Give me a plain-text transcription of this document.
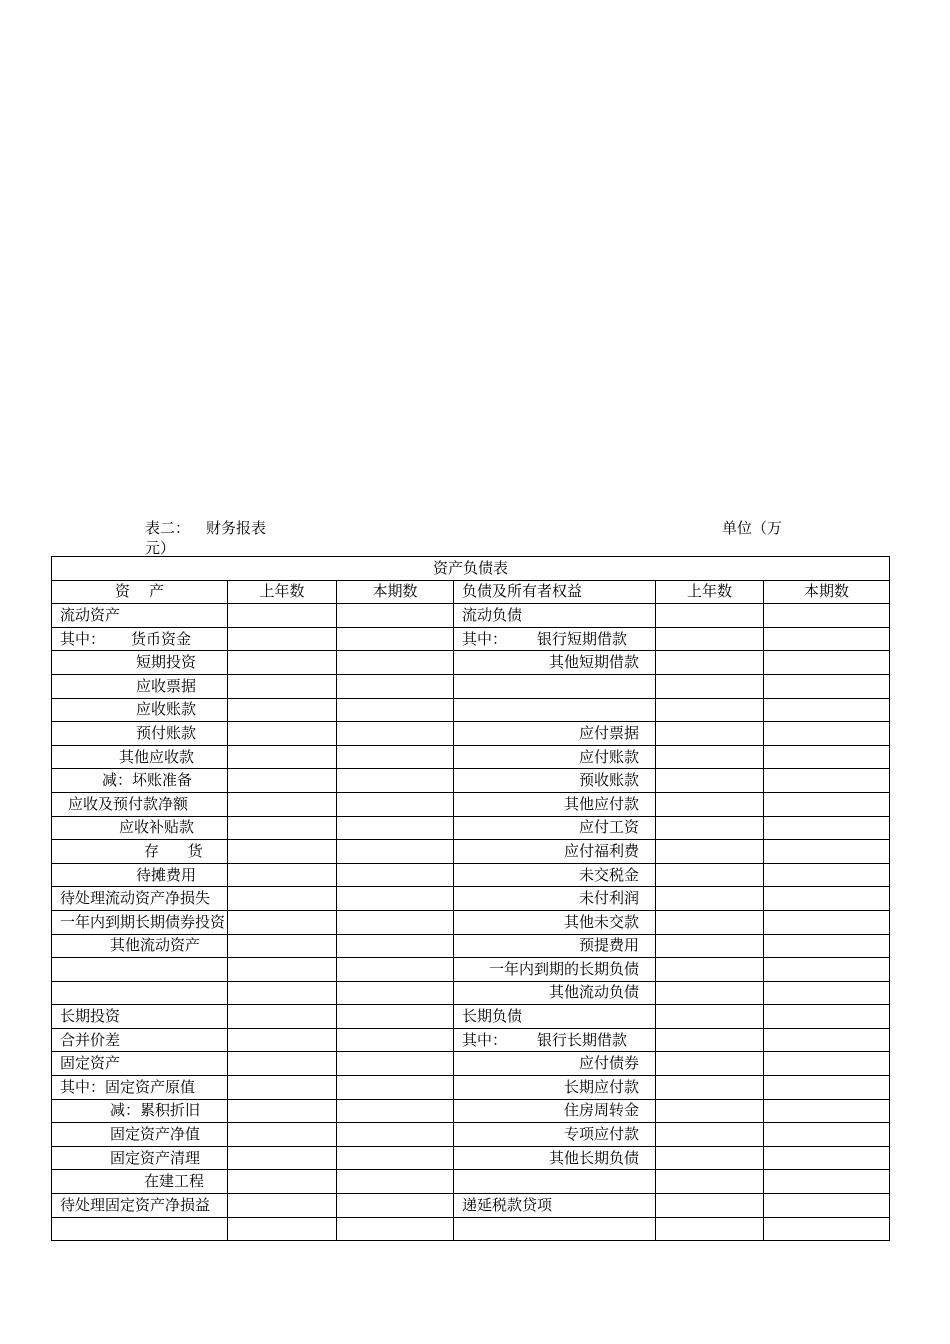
表二： 财务报表	单位（万
元）
资产负债表					
资    产	上年数	本期数	负债及所有者权益	上年数	本期数
流动资产			流动负债		
其中： 货币资金			其中： 银行短期借款		
短期投资			其他短期借款		
应收票据					
应收账款					
预付账款			应付票据		
其他应收款			应付账款		
减：坏账准备			预收账款		
应收及预付款净额			其他应付款		
应收补贴款			应付工资		
存      货			应付福利费		
待摊费用			未交税金		
待处理流动资产净损失			未付利润		
一年内到期长期债券投资			其他未交款		
其他流动资产			预提费用		
			一年内到期的长期负债		
			其他流动负债		
长期投资			长期负债		
合并价差			其中： 银行长期借款		
固定资产			应付债券		
其中：固定资产原值			长期应付款		
减：累积折旧			住房周转金		
固定资产净值			专项应付款		
固定资产清理			其他长期负债		
在建工程					
待处理固定资产净损益			递延税款贷项		
